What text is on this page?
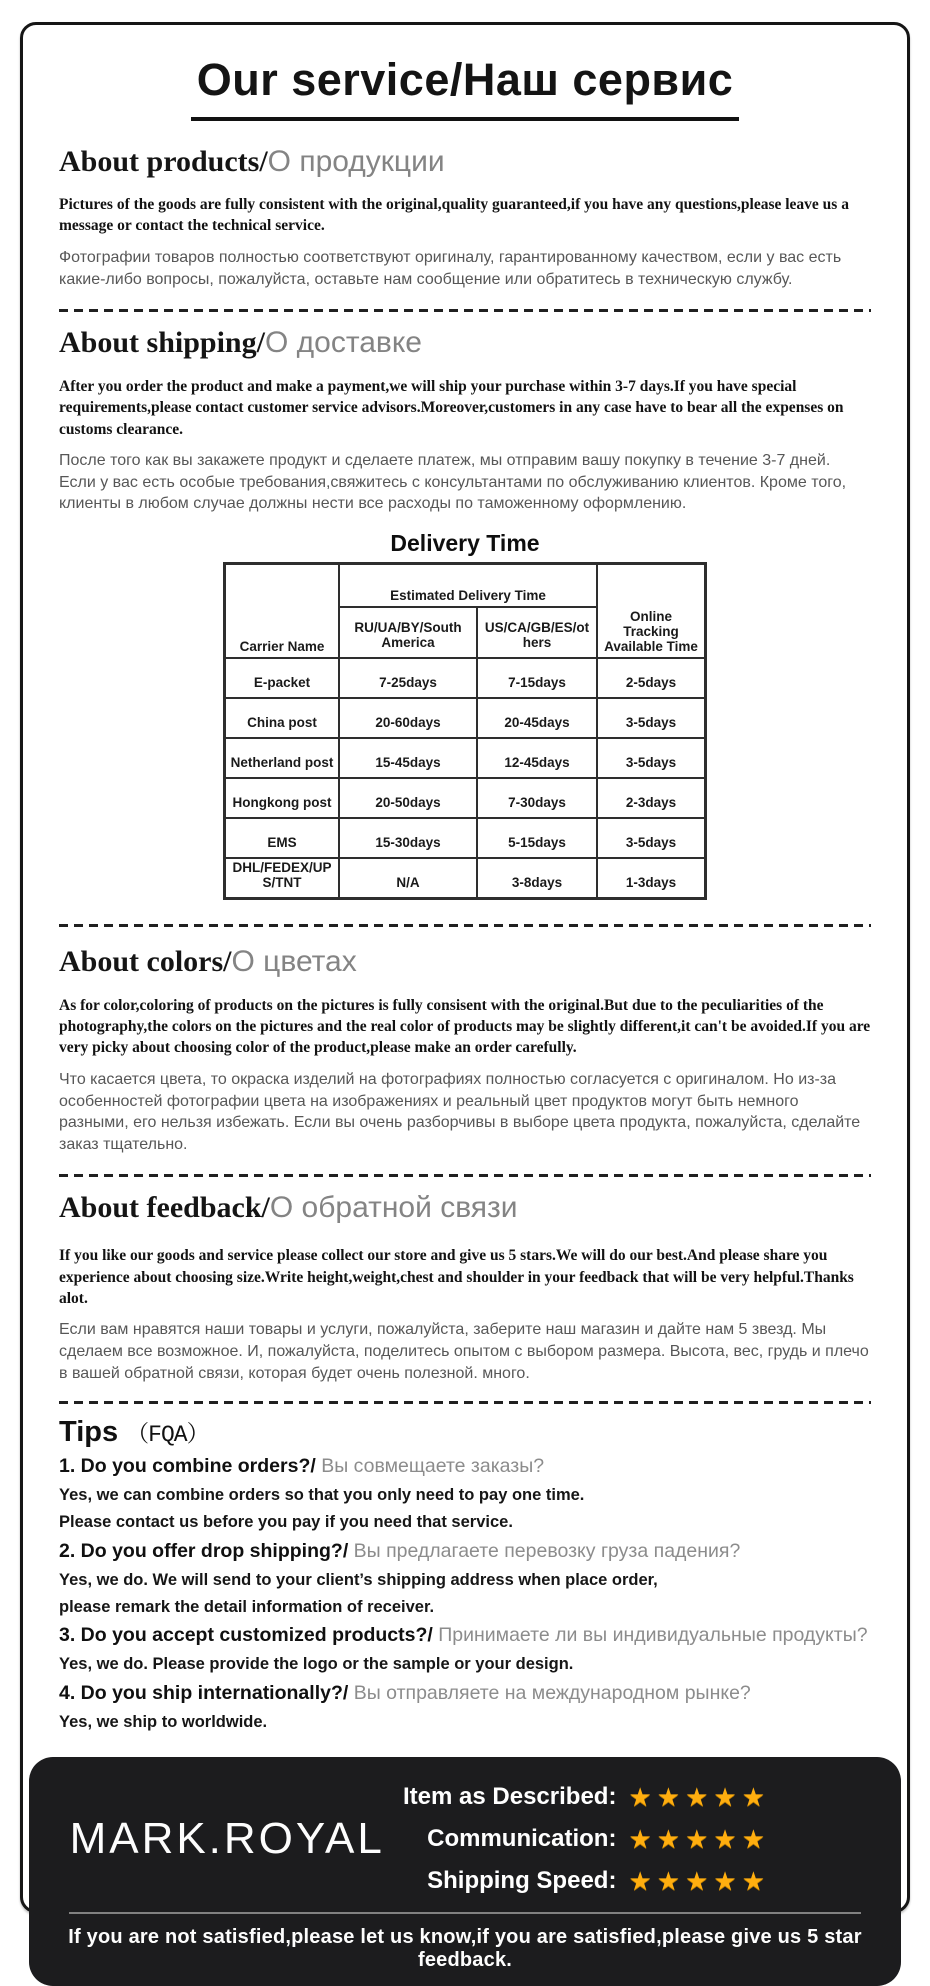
Our service/Наш сервис
About products/О продукции

Pictures of the goods are fully consistent with the original,quality guaranteed,if you have any questions,please leave us a message or contact the technical service.

Фотографии товаров полностью соответствуют оригиналу, гарантированному качеством, если у вас есть какие-либо вопросы, пожалуйста, оставьте нам сообщение или обратитесь в техническую службу.

About shipping/О доставке

After you order the product and make a payment,we will ship your purchase within 3-7 days.If you have special requirements,please contact customer service advisors.Moreover,customers in any case have to bear all the expenses on customs clearance.

После того как вы закажете продукт и сделаете платеж, мы отправим вашу покупку в течение 3-7 дней. Если у вас есть особые требования,свяжитесь с консультантами по обслуживанию клиентов. Кроме того, клиенты в любом случае должны нести все расходы по таможенному оформлению.

Delivery Time
Carrier Name	Estimated Delivery Time		Online Tracking Available Time
	RU/UA/BY/South America	US/CA/GB/ES/others	
E-packet	7-25days	7-15days	2-5days
China post	20-60days	20-45days	3-5days
Netherland post	15-45days	12-45days	3-5days
Hongkong post	20-50days	7-30days	2-3days
EMS	15-30days	5-15days	3-5days
DHL/FEDEX/UPS/TNT	N/A	3-8days	1-3days
About colors/О цветах

As for color,coloring of products on the pictures is fully consisent with the original.But due to the peculiarities of the photography,the colors on the pictures and the real color of products may be slightly different,it can't be avoided.If you are very picky about choosing color of the product,please make an order carefully.

Что касается цвета, то окраска изделий на фотографиях полностью согласуется с оригиналом. Но из-за особенностей фотографии цвета на изображениях и реальный цвет продуктов могут быть немного разными, его нельзя избежать. Если вы очень разборчивы в выборе цвета продукта, пожалуйста, сделайте заказ тщательно.

About feedback/О обратной связи

If you like our goods and service please collect our store and give us 5 stars.We will do our best.And please share you experience about choosing size.Write height,weight,chest and shoulder in your feedback that will be very helpful.Thanks alot.

Если вам нравятся наши товары и услуги, пожалуйста, заберите наш магазин и дайте нам 5 звезд. Мы сделаем все возможное. И, пожалуйста, поделитесь опытом с выбором размера. Высота, вес, грудь и плечо в вашей обратной связи, которая будет очень полезной. много.

Tips （FQA）

1. Do you combine orders?/ Вы совмещаете заказы?

Yes, we can combine orders so that you only need to pay one time.

Please contact us before you pay if you need that service.

2. Do you offer drop shipping?/ Вы предлагаете перевозку груза падения?

Yes, we do. We will send to your client’s shipping address when place order,

please remark the detail information of receiver.

3. Do you accept customized products?/ Принимаете ли вы индивидуальные продукты?

Yes, we do. Please provide the logo or the sample or your design.

4. Do you ship internationally?/ Вы отправляете на международном рынке?

Yes, we ship to worldwide.

MARK.ROYAL
Item as Described: ★ ★ ★ ★ ★
Communication: ★ ★ ★ ★ ★
Shipping Speed: ★ ★ ★ ★ ★

If you are not satisfied,please let us know,if you are satisfied,please give us 5 star feedback.
